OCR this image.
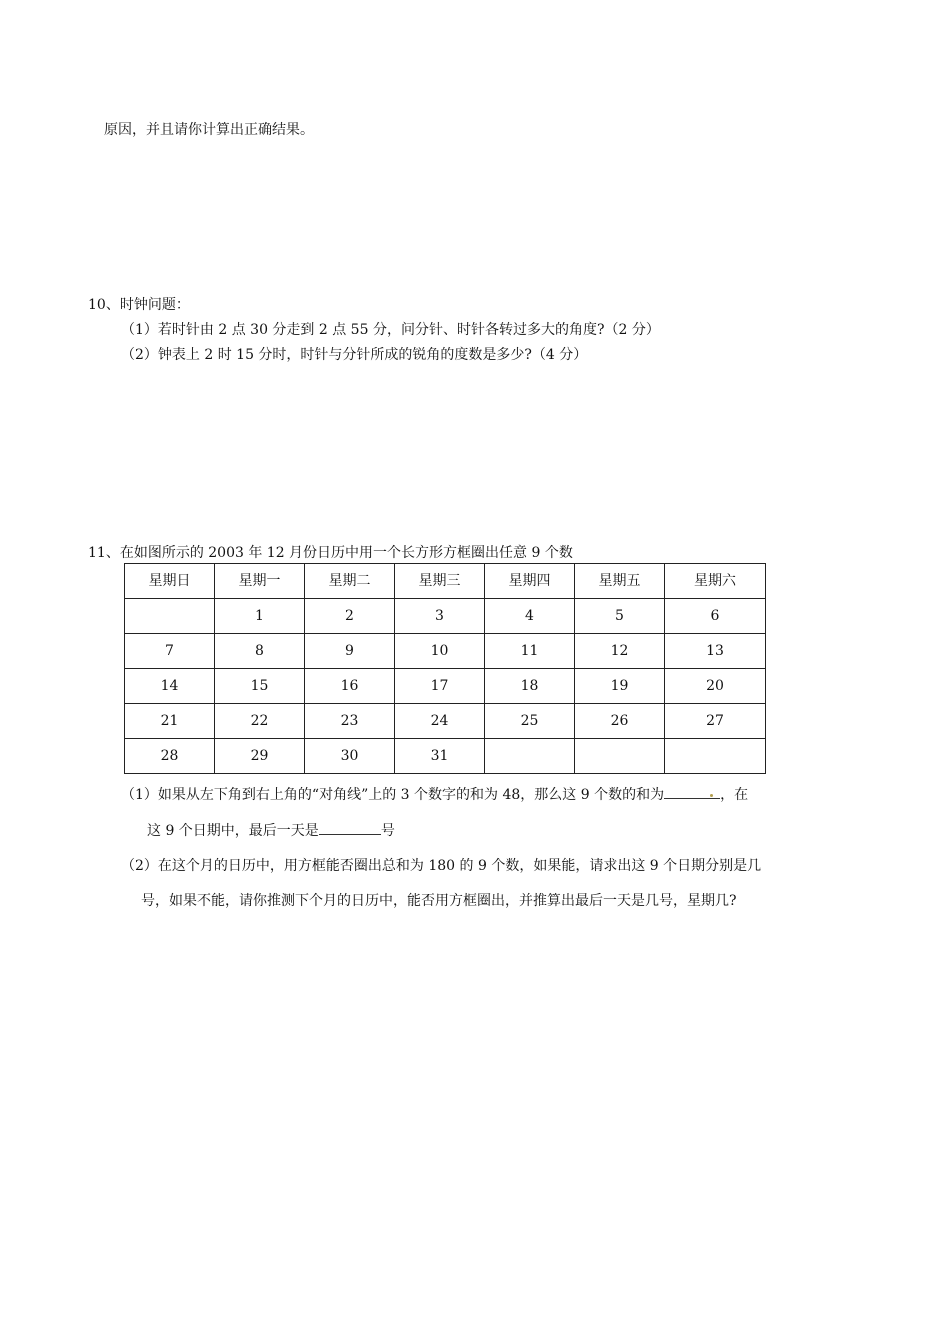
原因，并且请你计算出正确结果。
10、时钟问题：
（1）若时针由 2 点 30 分走到 2 点 55 分，问分针、时针各转过多大的角度?（2 分）
（2）钟表上 2 时 15 分时，时针与分针所成的锐角的度数是多少?（4 分）
11、在如图所示的 2003 年 12 月份日历中用一个长方形方框圈出任意 9 个数
星期日	星期一	星期二	星期三	星期四	星期五	星期六
	1	2	3	4	5	6
7	8	9	10	11	12	13
14	15	16	17	18	19	20
21	22	23	24	25	26	27
28	29	30	31			
（1）如果从左下角到右上角的“对角线”上的 3 个数字的和为 48，那么这 9 个数的和为	，在
这 9 个日期中，最后一天是	号
（2）在这个月的日历中，用方框能否圈出总和为 180 的 9 个数，如果能，请求出这 9 个日期分别是几
号，如果不能，请你推测下个月的日历中，能否用方框圈出，并推算出最后一天是几号，星期几?
